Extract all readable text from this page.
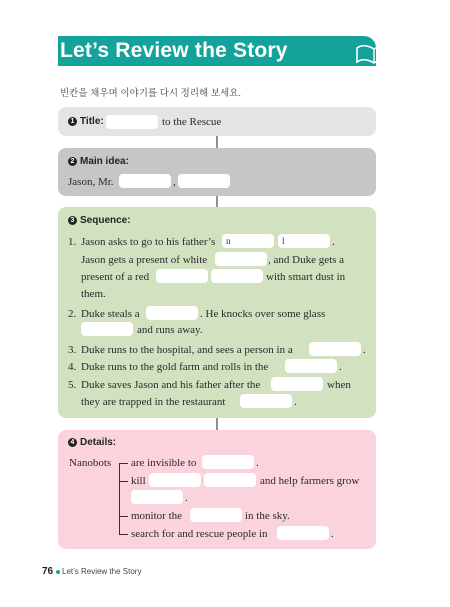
Let’s Review the Story
빈칸을 채우며 이야기를 다시 정리해 보세요.
1 Title:	to the Rescue
2 Main idea:
Jason, Mr.	,
3 Sequence:
1. Jason asks to go to his father’s n	l	.
Jason gets a present of white	, and Duke gets a
present of a red	with smart dust in
them.
2. Duke steals a	. He knocks over some glass
and runs away.
3. Duke runs to the hospital, and sees a person in a	.
4. Duke runs to the gold farm and rolls in the	.
5. Duke saves Jason and his father after the	when
they are trapped in the restaurant	.
4 Details:
Nanobots are invisible to	.
kill	and help farmers grow
.
monitor the	in the sky.
search for and rescue people in	.
76 Let’s Review the Story
